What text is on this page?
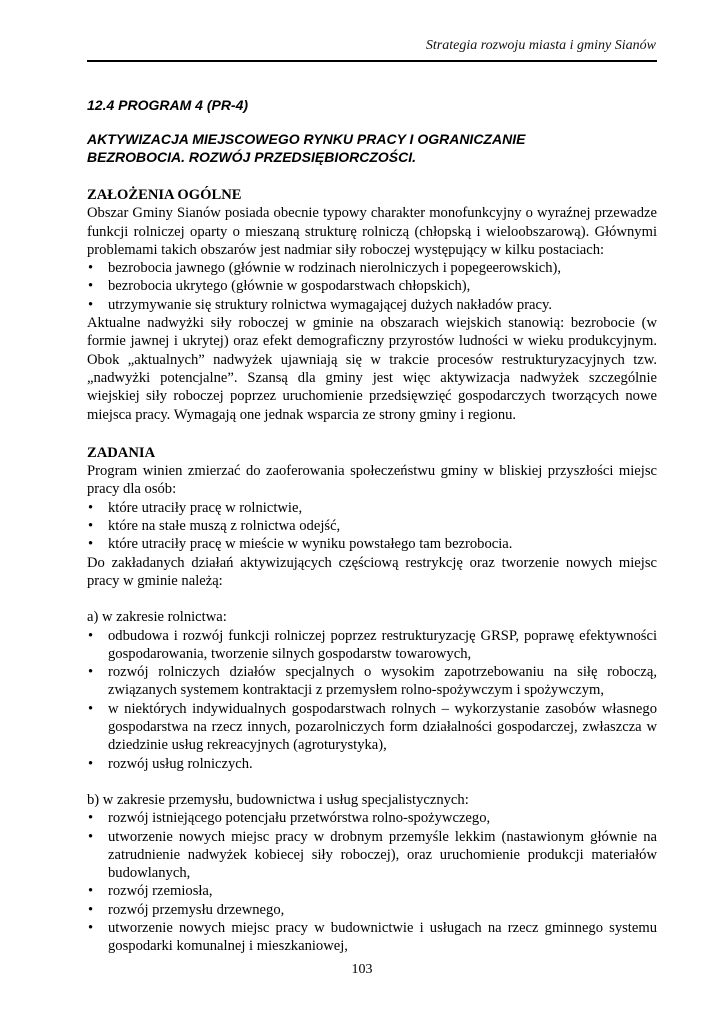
Strategia rozwoju miasta i gminy Sianów
12.4 PROGRAM 4 (PR-4)
AKTYWIZACJA MIEJSCOWEGO RYNKU PRACY I OGRANICZANIE
BEZROBOCIA. ROZWÓJ PRZEDSIĘBIORCZOŚCI.
ZAŁOŻENIA OGÓLNE

Obszar Gminy Sianów posiada obecnie typowy charakter monofunkcyjny o wyraźnej przewadze funkcji rolniczej oparty o mieszaną strukturę rolniczą (chłopską i wieloobszarową). Głównymi problemami takich obszarów jest nadmiar siły roboczej występujący w kilku postaciach:

• bezrobocia jawnego (głównie w rodzinach nierolniczych i popegeerowskich),
• bezrobocia ukrytego (głównie w gospodarstwach chłopskich),
• utrzymywanie się struktury rolnictwa wymagającej dużych nakładów pracy.

Aktualne nadwyżki siły roboczej w gminie na obszarach wiejskich stanowią: bezrobocie (w formie jawnej i ukrytej) oraz efekt demograficzny przyrostów ludności w wieku produkcyjnym. Obok „aktualnych” nadwyżek ujawniają się w trakcie procesów restrukturyzacyjnych tzw. „nadwyżki potencjalne”. Szansą dla gminy jest więc aktywizacja nadwyżek szczególnie wiejskiej siły roboczej poprzez uruchomienie przedsięwzięć gospodarczych tworzących nowe miejsca pracy. Wymagają one jednak wsparcia ze strony gminy i regionu.

ZADANIA

Program winien zmierzać do zaoferowania społeczeństwu gminy w bliskiej przyszłości miejsc pracy dla osób:

• które utraciły pracę w rolnictwie,
• które na stałe muszą z rolnictwa odejść,
• które utraciły pracę w mieście w wyniku powstałego tam bezrobocia.

Do zakładanych działań aktywizujących częściową restrykcję oraz tworzenie nowych miejsc pracy w gminie należą:

a) w zakresie rolnictwa:

• odbudowa i rozwój funkcji rolniczej poprzez restrukturyzację GRSP, poprawę efektywności gospodarowania, tworzenie silnych gospodarstw towarowych,
• rozwój rolniczych działów specjalnych o wysokim zapotrzebowaniu na siłę roboczą, związanych systemem kontraktacji z przemysłem rolno-spożywczym i spożywczym,
• w niektórych indywidualnych gospodarstwach rolnych – wykorzystanie zasobów własnego gospodarstwa na rzecz innych, pozarolniczych form działalności gospodarczej, zwłaszcza w dziedzinie usług rekreacyjnych (agroturystyka),
• rozwój usług rolniczych.

b) w zakresie przemysłu, budownictwa i usług specjalistycznych:

• rozwój istniejącego potencjału przetwórstwa rolno-spożywczego,
• utworzenie nowych miejsc pracy w drobnym przemyśle lekkim (nastawionym głównie na zatrudnienie nadwyżek kobiecej siły roboczej), oraz uruchomienie produkcji materiałów budowlanych,
• rozwój rzemiosła,
• rozwój przemysłu drzewnego,
• utworzenie nowych miejsc pracy w budownictwie i usługach na rzecz gminnego systemu gospodarki komunalnej i mieszkaniowej,
103
